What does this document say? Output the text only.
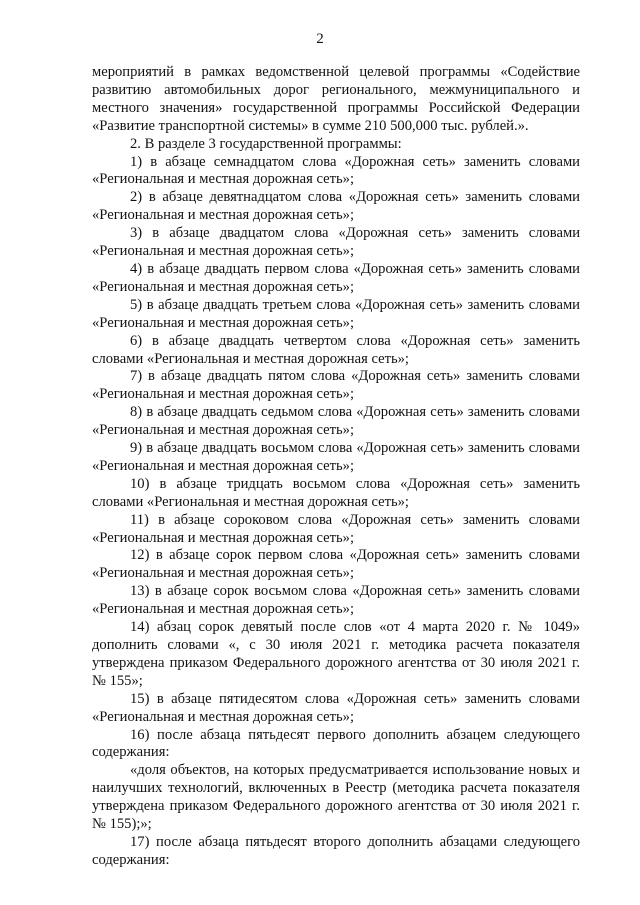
2

мероприятий в рамках ведомственной целевой программы «Содействие развитию автомобильных дорог регионального, межмуниципального и местного значения» государственной программы Российской Федерации «Развитие транспортной системы» в сумме 210 500,000 тыс. рублей.».

2. В разделе 3 государственной программы:

1) в абзаце семнадцатом слова «Дорожная сеть» заменить словами «Региональная и местная дорожная сеть»;

2) в абзаце девятнадцатом слова «Дорожная сеть» заменить словами «Региональная и местная дорожная сеть»;

3) в абзаце двадцатом слова «Дорожная сеть» заменить словами «Региональная и местная дорожная сеть»;

4) в абзаце двадцать первом слова «Дорожная сеть» заменить словами «Региональная и местная дорожная сеть»;

5) в абзаце двадцать третьем слова «Дорожная сеть» заменить словами «Региональная и местная дорожная сеть»;

6) в абзаце двадцать четвертом слова «Дорожная сеть» заменить словами «Региональная и местная дорожная сеть»;

7) в абзаце двадцать пятом слова «Дорожная сеть» заменить словами «Региональная и местная дорожная сеть»;

8) в абзаце двадцать седьмом слова «Дорожная сеть» заменить словами «Региональная и местная дорожная сеть»;

9) в абзаце двадцать восьмом слова «Дорожная сеть» заменить словами «Региональная и местная дорожная сеть»;

10) в абзаце тридцать восьмом слова «Дорожная сеть» заменить словами «Региональная и местная дорожная сеть»;

11) в абзаце сороковом слова «Дорожная сеть» заменить словами «Региональная и местная дорожная сеть»;

12) в абзаце сорок первом слова «Дорожная сеть» заменить словами «Региональная и местная дорожная сеть»;

13) в абзаце сорок восьмом слова «Дорожная сеть» заменить словами «Региональная и местная дорожная сеть»;

14) абзац сорок девятый после слов «от 4 марта 2020 г. № 1049» дополнить словами «, с 30 июля 2021 г. методика расчета показателя утверждена приказом Федерального дорожного агентства от 30 июля 2021 г. № 155»;

15) в абзаце пятидесятом слова «Дорожная сеть» заменить словами «Региональная и местная дорожная сеть»;

16) после абзаца пятьдесят первого дополнить абзацем следующего содержания:

«доля объектов, на которых предусматривается использование новых и наилучших технологий, включенных в Реестр (методика расчета показателя утверждена приказом Федерального дорожного агентства от 30 июля 2021 г. № 155);»;

17) после абзаца пятьдесят второго дополнить абзацами следующего содержания:
